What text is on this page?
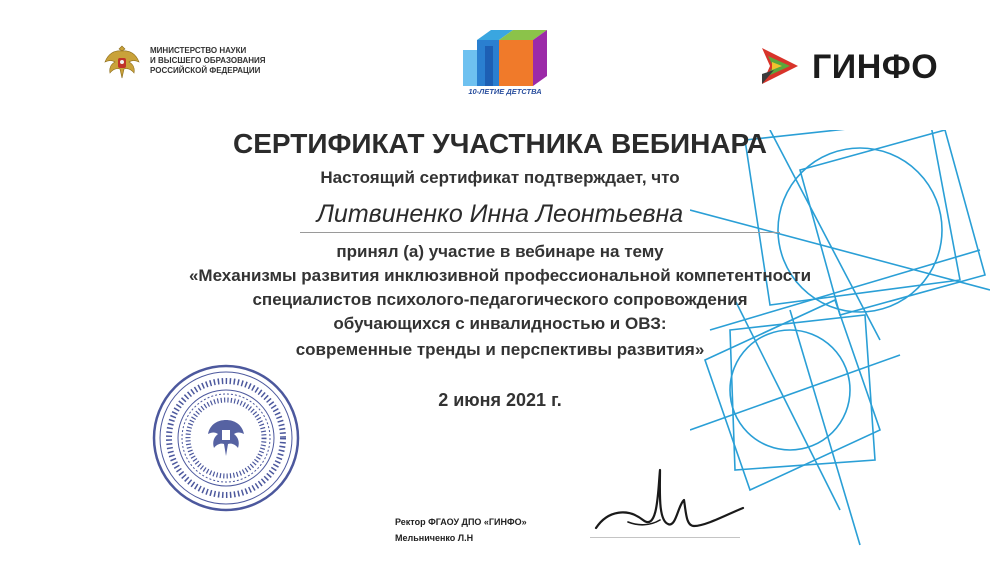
МИНИСТЕРСТВО НАУКИ
И ВЫСШЕГО ОБРАЗОВАНИЯ
РОССИЙСКОЙ ФЕДЕРАЦИИ
10-ЛЕТИЕ ДЕТСТВА
ГИНФО
СЕРТИФИКАТ УЧАСТНИКА ВЕБИНАРА
Настоящий сертификат подтверждает, что
Литвиненко Инна Леонтьевна
принял (а) участие в вебинаре на тему
«Механизмы развития инклюзивной профессиональной компетентности
специалистов психолого-педагогического сопровождения
обучающихся с инвалидностью и ОВЗ:
современные тренды и перспективы развития»
2 июня 2021 г.
Ректор ФГАОУ ДПО «ГИНФО»
Мельниченко Л.Н
